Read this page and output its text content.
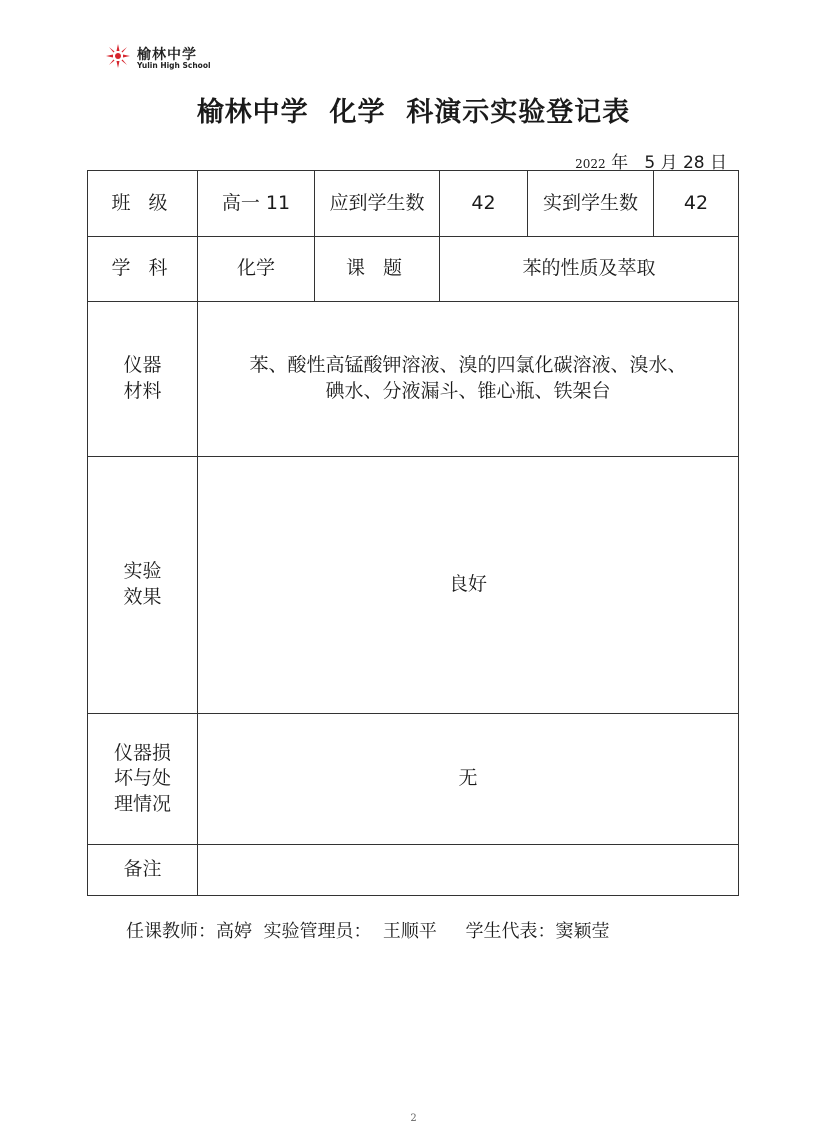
榆林中学
Yulin High School
榆林中学  化学  科演示实验登记表
2022 年 5 月 28 日
班 级	高一 11	应到学生数	42	实到学生数	42
学 科	化学	课 题	苯的性质及萃取		

仪器
材料	苯、酸性高锰酸钾溶液、溴的四氯化碳溶液、溴水、
碘水、分液漏斗、锥心瓶、铁架台				

实验
效果	良好				

仪器损
坏与处
理情况	无				
备注					
任课教师：高婷 实验管理员： 王顺平 学生代表：窦颖莹
2
